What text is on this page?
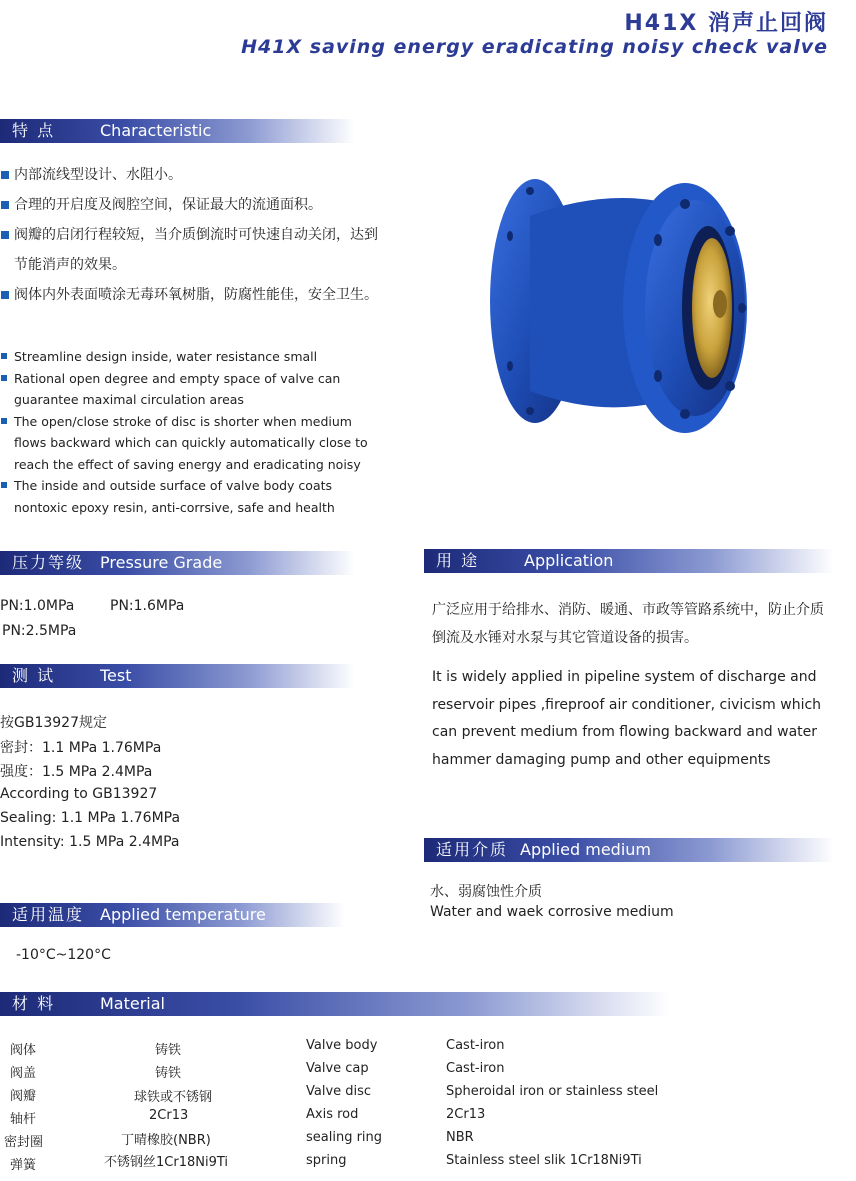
H41X 消声止回阀
H41X saving energy eradicating noisy check valve
特 点	Characteristic
内部流线型设计、水阻小。
合理的开启度及阀腔空间，保证最大的流通面积。
阀瓣的启闭行程较短，当介质倒流时可快速自动关闭，达到节能消声的效果。
阀体内外表面喷涂无毒环氧树脂，防腐性能佳，安全卫生。
Streamline design inside, water resistance small
Rational open degree and empty space of valve can guarantee maximal circulation areas
The open/close stroke of disc is shorter when medium flows backward which can quickly automatically close to reach the effect of saving energy and eradicating noisy
The inside and outside surface of valve body coats nontoxic epoxy resin, anti-corrsive, safe and health
压力等级 Pressure Grade
PN:1.0MPa	PN:1.6MPa
PN:2.5MPa
测 试	Test
按GB13927规定
密封：1.1 MPa 1.76MPa
强度：1.5 MPa 2.4MPa
According to GB13927
Sealing: 1.1 MPa 1.76MPa
Intensity: 1.5 MPa 2.4MPa
适用温度 Applied temperature
-10°C~120°C
用 途	Application
广泛应用于给排水、消防、暖通、市政等管路系统中，防止介质倒流及水锤对水泵与其它管道设备的损害。
It is widely applied in pipeline system of discharge and reservoir pipes ,fireproof air conditioner, civicism which can prevent medium from flowing backward and water hammer damaging pump and other equipments
适用介质 Applied medium
水、弱腐蚀性介质
Water and waek corrosive medium
材 料	Material
阀体	铸铁	Valve body	Cast-iron
阀盖	铸铁	Valve cap	Cast-iron
阀瓣	球铁或不锈钢	Valve disc	Spheroidal iron or stainless steel
轴杆	2Cr13	Axis rod	2Cr13
密封圈	丁晴橡胶(NBR)	sealing ring	NBR
弹簧	不锈钢丝1Cr18Ni9Ti	spring	Stainless steel slik 1Cr18Ni9Ti
